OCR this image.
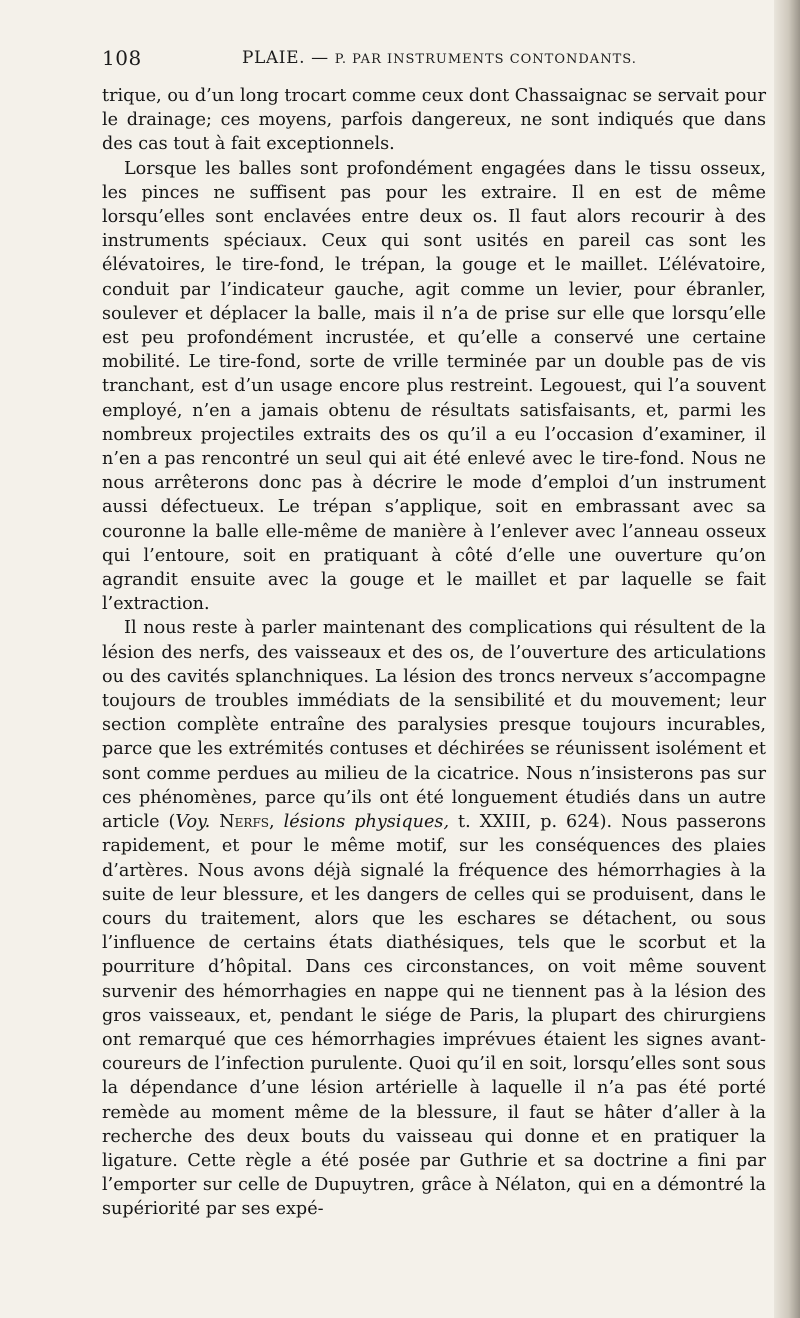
108	PLAIE. — P. PAR INSTRUMENTS CONTONDANTS.

trique, ou d’un long trocart comme ceux dont Chassaignac se servait pour le drainage; ces moyens, parfois dangereux, ne sont indiqués que dans des cas tout à fait exceptionnels.

Lorsque les balles sont profondément engagées dans le tissu osseux, les pinces ne suffisent pas pour les extraire. Il en est de même lorsqu’elles sont enclavées entre deux os. Il faut alors recourir à des instruments spéciaux. Ceux qui sont usités en pareil cas sont les élévatoires, le tire-fond, le trépan, la gouge et le maillet. L’élévatoire, conduit par l’indicateur gauche, agit comme un levier, pour ébranler, soulever et déplacer la balle, mais il n’a de prise sur elle que lorsqu’elle est peu profondément incrustée, et qu’elle a conservé une certaine mobilité. Le tire-fond, sorte de vrille terminée par un double pas de vis tranchant, est d’un usage encore plus restreint. Legouest, qui l’a souvent employé, n’en a jamais obtenu de résultats satisfaisants, et, parmi les nombreux projectiles extraits des os qu’il a eu l’occasion d’examiner, il n’en a pas rencontré un seul qui ait été enlevé avec le tire-fond. Nous ne nous arrêterons donc pas à décrire le mode d’emploi d’un instrument aussi défectueux. Le trépan s’applique, soit en embrassant avec sa couronne la balle elle-même de manière à l’enlever avec l’anneau osseux qui l’entoure, soit en pratiquant à côté d’elle une ouverture qu’on agrandit ensuite avec la gouge et le maillet et par laquelle se fait l’extraction.

Il nous reste à parler maintenant des complications qui résultent de la lésion des nerfs, des vaisseaux et des os, de l’ouverture des articulations ou des cavités splanchniques. La lésion des troncs nerveux s’accompagne toujours de troubles immédiats de la sensibilité et du mouvement; leur section complète entraîne des paralysies presque toujours incurables, parce que les extrémités contuses et déchirées se réunissent isolément et sont comme perdues au milieu de la cicatrice. Nous n’insisterons pas sur ces phénomènes, parce qu’ils ont été longuement étudiés dans un autre article (Voy. Nerfs, lésions physiques, t. XXIII, p. 624). Nous passerons rapidement, et pour le même motif, sur les conséquences des plaies d’artères. Nous avons déjà signalé la fréquence des hémorrhagies à la suite de leur blessure, et les dangers de celles qui se produisent, dans le cours du traitement, alors que les eschares se détachent, ou sous l’influence de certains états diathésiques, tels que le scorbut et la pourriture d’hôpital. Dans ces circonstances, on voit même souvent survenir des hémorrhagies en nappe qui ne tiennent pas à la lésion des gros vaisseaux, et, pendant le siége de Paris, la plupart des chirurgiens ont remarqué que ces hémorrhagies imprévues étaient les signes avant-coureurs de l’infection purulente. Quoi qu’il en soit, lorsqu’elles sont sous la dépendance d’une lésion artérielle à laquelle il n’a pas été porté remède au moment même de la blessure, il faut se hâter d’aller à la recherche des deux bouts du vaisseau qui donne et en pratiquer la ligature. Cette règle a été posée par Guthrie et sa doctrine a fini par l’emporter sur celle de Dupuytren, grâce à Nélaton, qui en a démontré la supériorité par ses expé-
